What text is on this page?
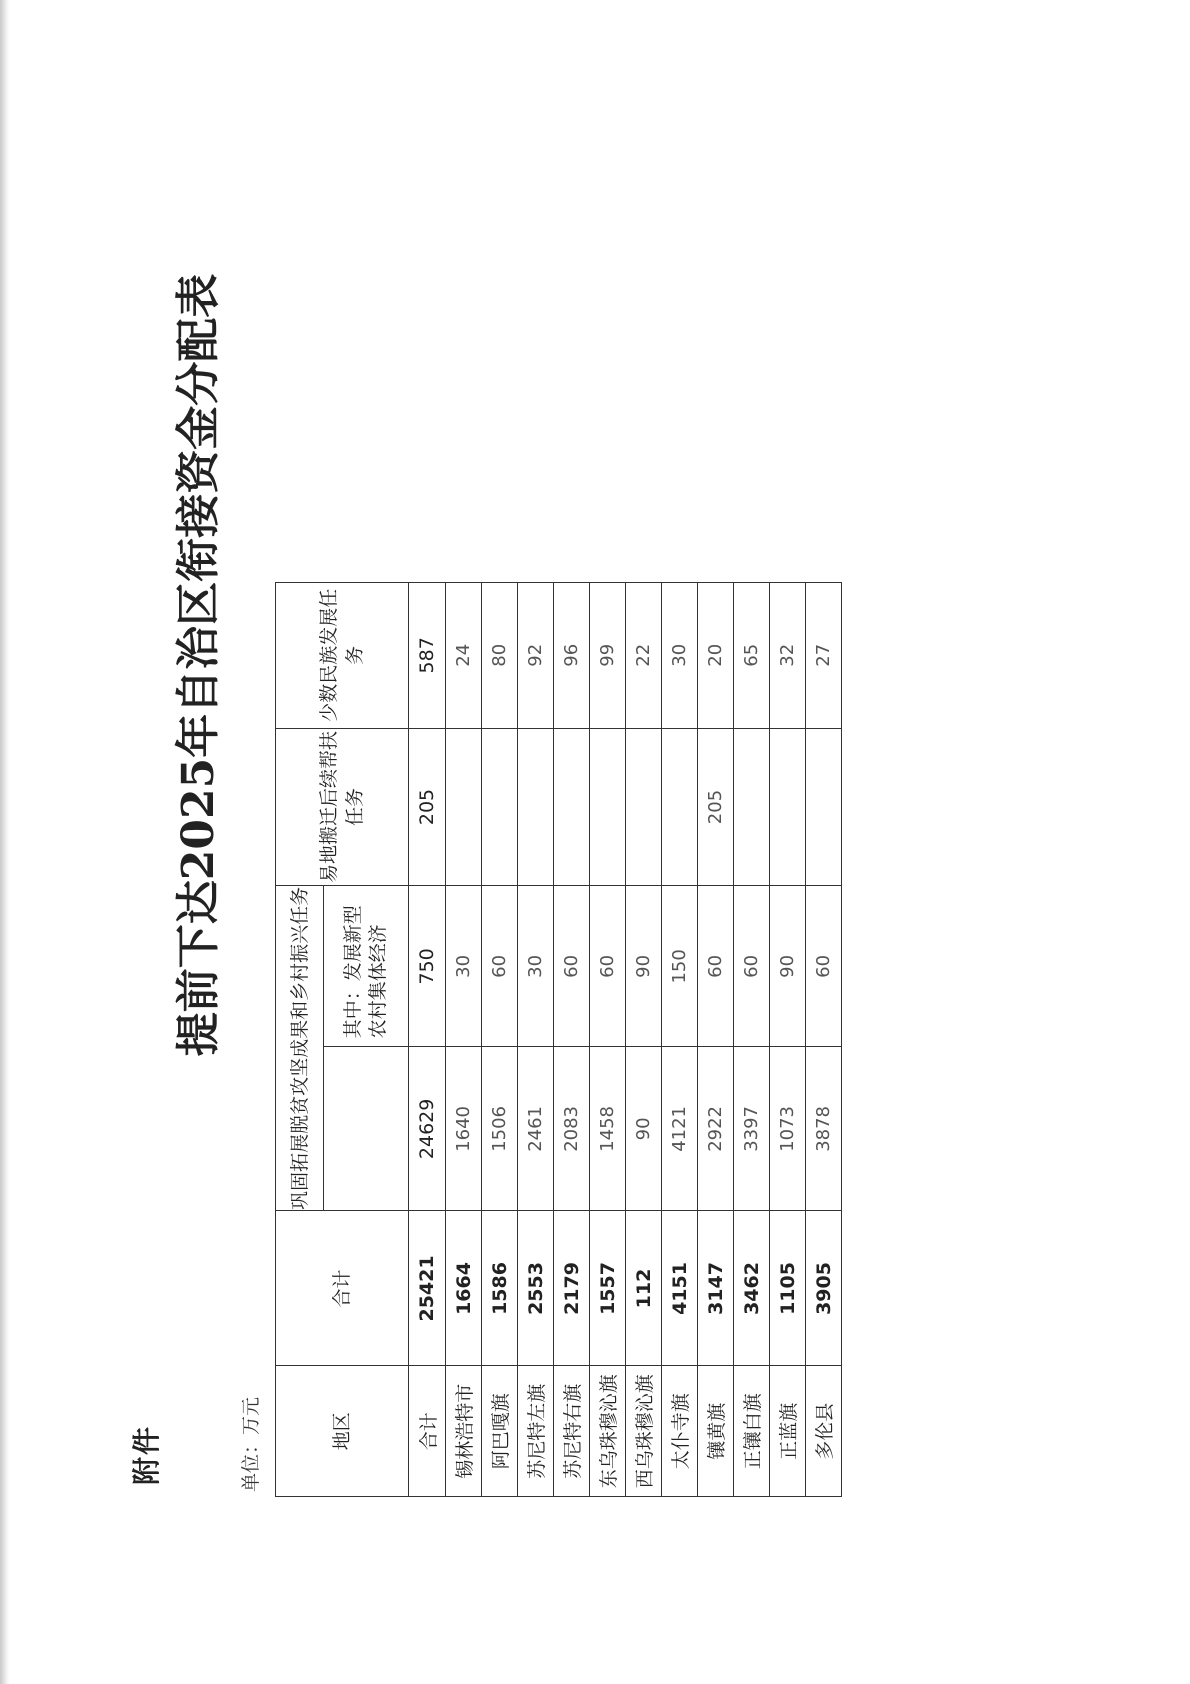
附件
提前下达2025年自治区衔接资金分配表
单位：万元	地区	合计	巩固拓展脱贫攻坚成果和乡村振兴任务		易地搬迁后续帮扶任务	少数民族发展任务
			其中：发展新型农村集体经济		
合计	25421	24629	750	205	587
锡林浩特市	1664	1640	30		24
阿巴嘎旗	1586	1506	60		80
苏尼特左旗	2553	2461	30		92
苏尼特右旗	2179	2083	60		96
东乌珠穆沁旗	1557	1458	60		99
西乌珠穆沁旗	112	90	90		22
太仆寺旗	4151	4121	150		30
镶黄旗	3147	2922	60	205	20
正镶白旗	3462	3397	60		65
正蓝旗	1105	1073	90		32
多伦县	3905	3878	60		27
